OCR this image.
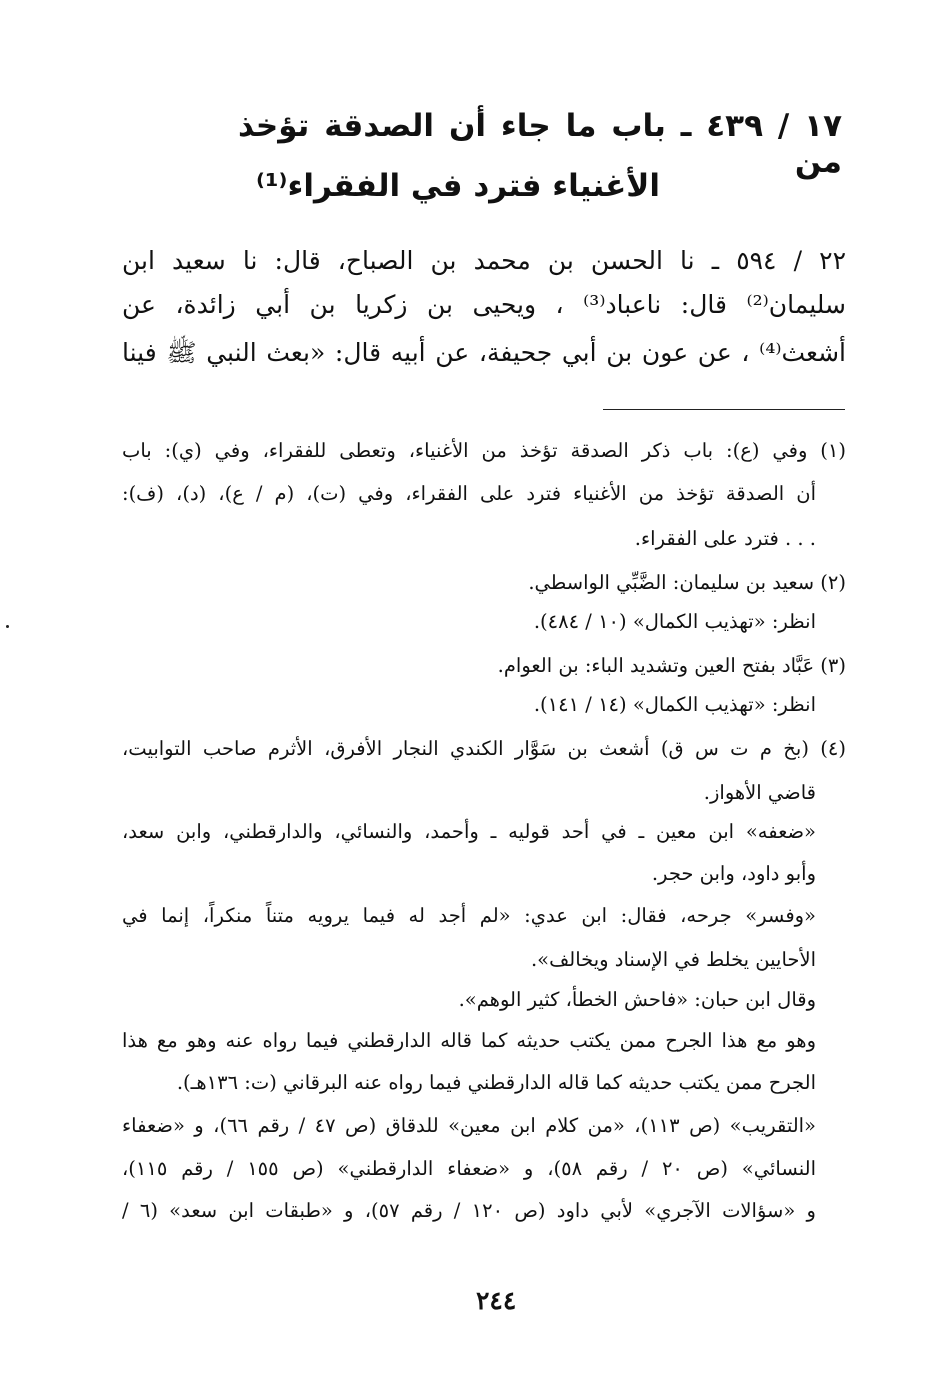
١٧ / ٤٣٩ ـ باب ما جاء أن الصدقة تؤخذ من
الأغنياء فترد في الفقراء⁽¹⁾
٢٢ / ٥٩٤ ـ نا الحسن بن محمد بن الصباح، قال: نا سعيد ابن
سليمان⁽²⁾ قال: ناعباد⁽³⁾ ، ويحيى بن زكريا بن أبي زائدة، عن
أشعث⁽⁴⁾ ، عن عون بن أبي جحيفة، عن أبيه قال: «بعث النبي ﷺ فينا
(١) وفي (ع): باب ذكر الصدقة تؤخذ من الأغنياء، وتعطى للفقراء، وفي (ي): باب
أن الصدقة تؤخذ من الأغنياء فترد على الفقراء، وفي (ت)، (م / ع)، (د)، (ف):
. . . فترد على الفقراء.
(٢) سعيد بن سليمان: الضَّبِّي الواسطي.
انظر: «تهذيب الكمال» (١٠ / ٤٨٤).
(٣) عَبَّاد بفتح العين وتشديد الباء: بن العوام.
انظر: «تهذيب الكمال» (١٤ / ١٤١).
(٤) (بخ م ت س ق) أشعث بن سَوَّار الكندي النجار الأفرق، الأثرم صاحب التوابيت،
قاضي الأهواز.
«ضعفه» ابن معين ـ في أحد قوليه ـ وأحمد، والنسائي، والدارقطني، وابن سعد،
وأبو داود، وابن حجر.
«وفسر» جرحه، فقال: ابن عدي: «لم أجد له فيما يرويه متناً منكراً، إنما في
الأحايين يخلط في الإسناد ويخالف».
وقال ابن حبان: «فاحش الخطأ، كثير الوهم».
وهو مع هذا الجرح ممن يكتب حديثه كما قاله الدارقطني فيما رواه عنه وهو مع هذا
الجرح ممن يكتب حديثه كما قاله الدارقطني فيما رواه عنه البرقاني (ت: ١٣٦هـ).
«التقريب» (ص ١١٣)، «من كلام ابن معين» للدقاق (ص ٤٧ / رقم ٦٦)، و «ضعفاء
النسائي» (ص ٢٠ / رقم ٥٨)، و «ضعفاء الدارقطني» (ص ١٥٥ / رقم ١١٥)،
و «سؤالات الآجري» لأبي داود (ص ١٢٠ / رقم ٥٧)، و «طبقات ابن سعد» (٦ /
٢٤٤
